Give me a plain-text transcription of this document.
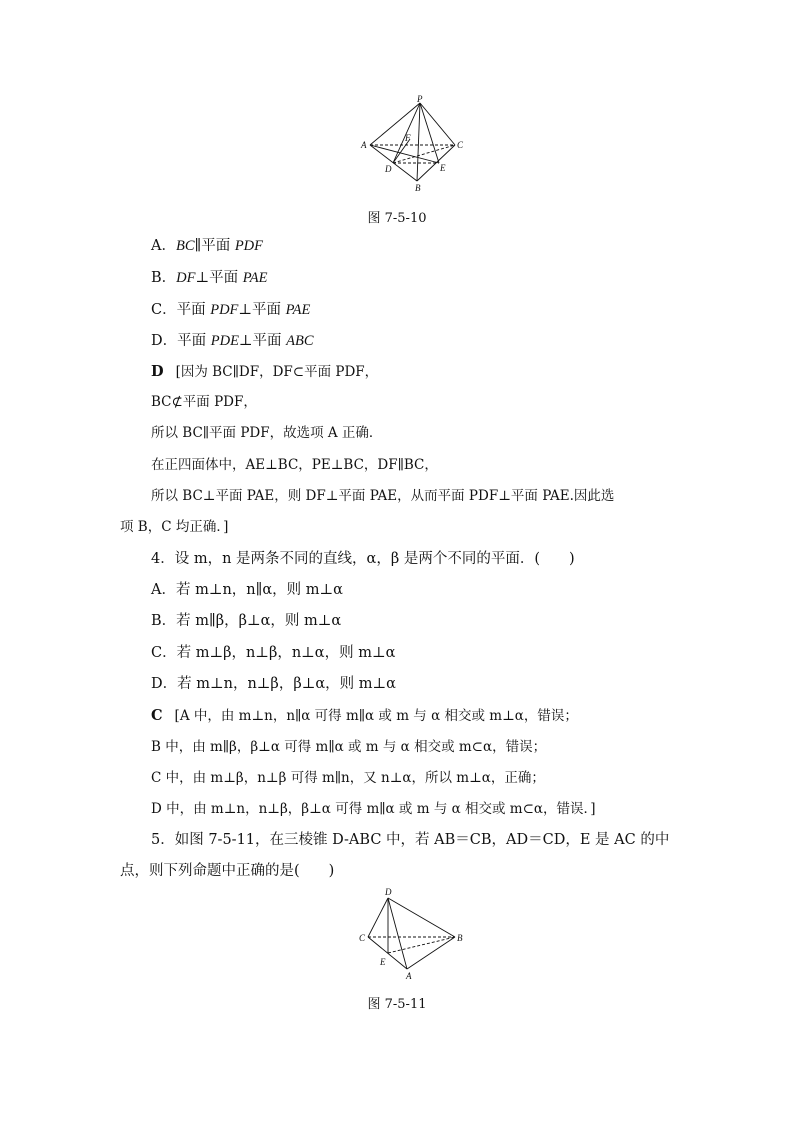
P
A	C
F
D	E
B
图 7-5-10
A．BC∥平面 PDF
B．DF⊥平面 PAE
C．平面 PDF⊥平面 PAE
D．平面 PDE⊥平面 ABC
D [因为 BC∥DF，DF⊂平面 PDF，
BC⊄平面 PDF，
所以 BC∥平面 PDF，故选项 A 正确．
在正四面体中，AE⊥BC，PE⊥BC，DF∥BC，
所以 BC⊥平面 PAE，则 DF⊥平面 PAE，从而平面 PDF⊥平面 PAE.因此选
项 B，C 均正确．]
4．设 m，n 是两条不同的直线，α，β 是两个不同的平面．(　　)
A．若 m⊥n，n∥α，则 m⊥α
B．若 m∥β，β⊥α，则 m⊥α
C．若 m⊥β，n⊥β，n⊥α，则 m⊥α
D．若 m⊥n，n⊥β，β⊥α，则 m⊥α
C [A 中，由 m⊥n，n∥α 可得 m∥α 或 m 与 α 相交或 m⊥α，错误；
B 中，由 m∥β，β⊥α 可得 m∥α 或 m 与 α 相交或 m⊂α，错误；
C 中，由 m⊥β，n⊥β 可得 m∥n，又 n⊥α，所以 m⊥α，正确；
D 中，由 m⊥n，n⊥β，β⊥α 可得 m∥α 或 m 与 α 相交或 m⊂α，错误．]
5．如图 7-5-11，在三棱锥 D-ABC 中，若 AB＝CB，AD＝CD，E 是 AC 的中
点，则下列命题中正确的是(　　)
D
C	B
E
A
图 7-5-11
